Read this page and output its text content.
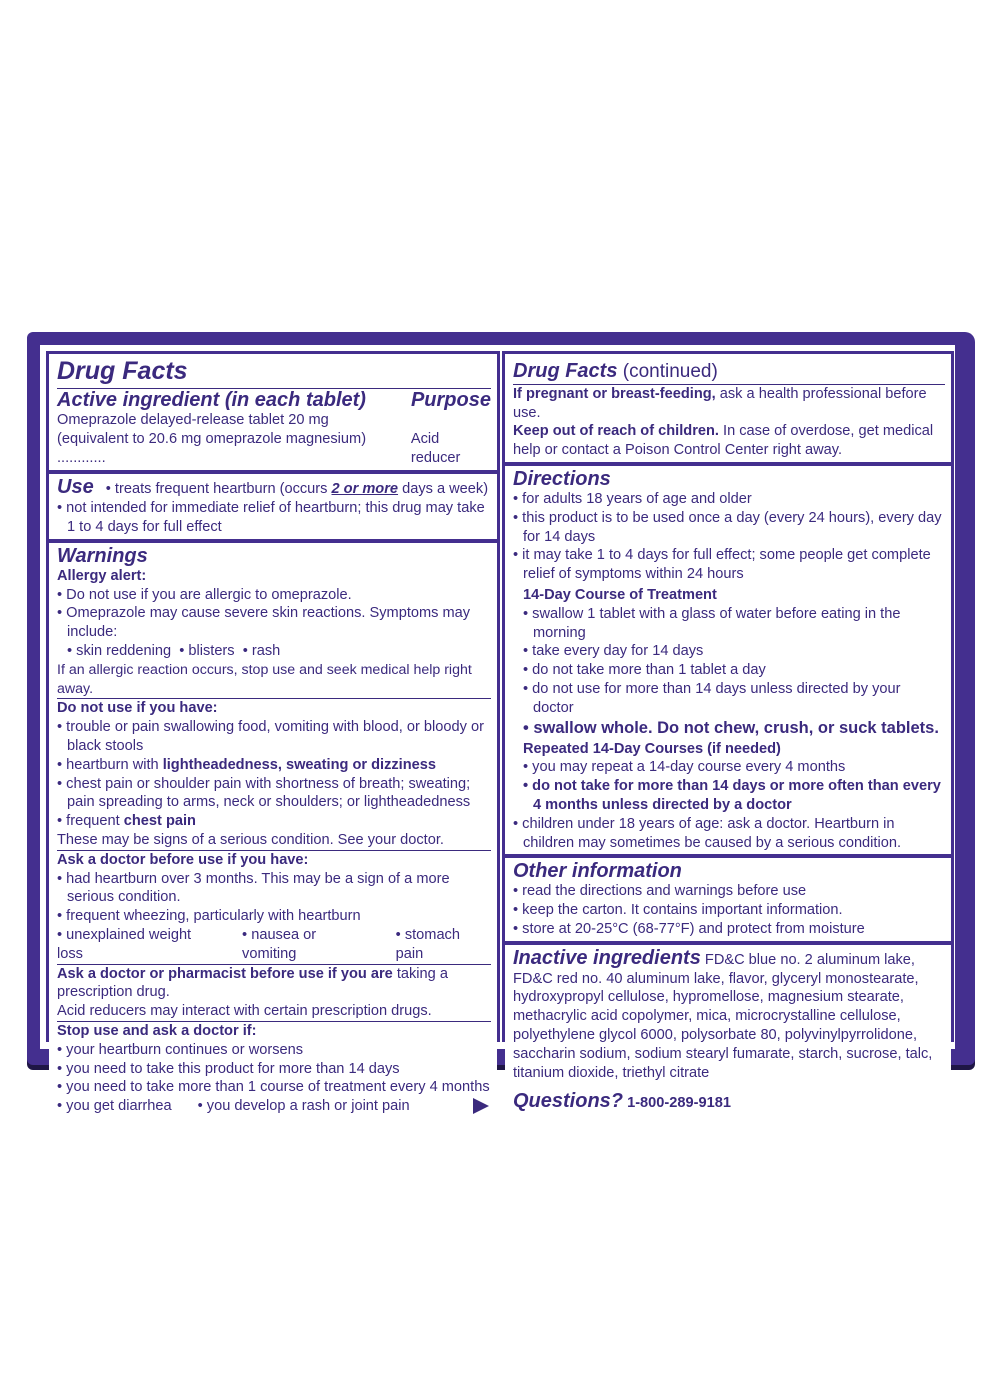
Drug Facts
Active ingredient (in each tablet) Purpose
Omeprazole delayed-release tablet 20 mg
(equivalent to 20.6 mg omeprazole magnesium) ............
Acid reducer
Use • treats frequent heartburn (occurs 2 or more days a week)
• not intended for immediate relief of heartburn; this drug may take 1 to 4 days for full effect
Warnings
Allergy alert:
• Do not use if you are allergic to omeprazole.
• Omeprazole may cause severe skin reactions. Symptoms may include:
• skin reddening  • blisters  • rash
If an allergic reaction occurs, stop use and seek medical help right away.
Do not use if you have:
• trouble or pain swallowing food, vomiting with blood, or bloody or black stools
• heartburn with lightheadedness, sweating or dizziness
• chest pain or shoulder pain with shortness of breath; sweating; pain spreading to arms, neck or shoulders; or lightheadedness
• frequent chest pain
These may be signs of a serious condition. See your doctor.
Ask a doctor before use if you have:
• had heartburn over 3 months. This may be a sign of a more serious condition.
• frequent wheezing, particularly with heartburn
• unexplained weight loss
• nausea or vomiting
• stomach pain
Ask a doctor or pharmacist before use if you are taking a prescription drug.
Acid reducers may interact with certain prescription drugs.
Stop use and ask a doctor if:
• your heartburn continues or worsens
• you need to take this product for more than 14 days
• you need to take more than 1 course of treatment every 4 months
• you get diarrhea • you develop a rash or joint pain
Drug Facts (continued)
If pregnant or breast-feeding, ask a health professional before use.
Keep out of reach of children. In case of overdose, get medical help or contact a Poison Control Center right away.
Directions
• for adults 18 years of age and older
• this product is to be used once a day (every 24 hours), every day for 14 days
• it may take 1 to 4 days for full effect; some people get complete relief of symptoms within 24 hours
14-Day Course of Treatment
• swallow 1 tablet with a glass of water before eating in the morning
• take every day for 14 days
• do not take more than 1 tablet a day
• do not use for more than 14 days unless directed by your doctor
• swallow whole. Do not chew, crush, or suck tablets.
Repeated 14-Day Courses (if needed)
• you may repeat a 14-day course every 4 months
• do not take for more than 14 days or more often than every 4 months unless directed by a doctor
• children under 18 years of age: ask a doctor. Heartburn in children may sometimes be caused by a serious condition.
Other information
• read the directions and warnings before use
• keep the carton. It contains important information.
• store at 20-25°C (68-77°F) and protect from moisture
Inactive ingredients FD&C blue no. 2 aluminum lake, FD&C red no. 40 aluminum lake, flavor, glyceryl monostearate, hydroxypropyl cellulose, hypromellose, magnesium stearate, methacrylic acid copolymer, mica, microcrystalline cellulose, polyethylene glycol 6000, polysorbate 80, polyvinylpyrrolidone, saccharin sodium, sodium stearyl fumarate, starch, sucrose, talc, titanium dioxide, triethyl citrate
Questions? 1-800-289-9181
